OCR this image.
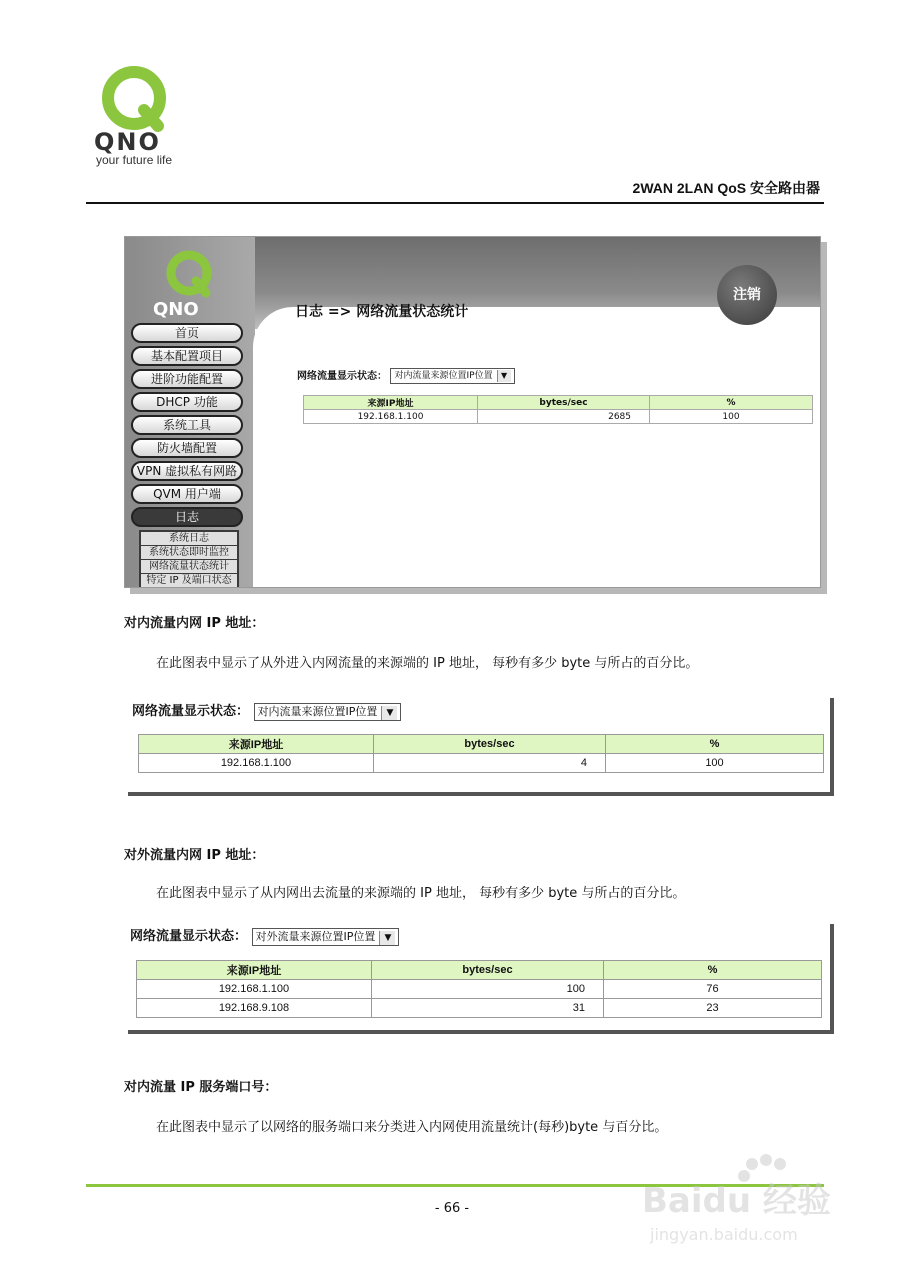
QNO
your future life
2WAN 2LAN QoS 安全路由器
QNO
注销
日志 => 网络流量状态统计
首页
基本配置项目
进阶功能配置
DHCP 功能
系统工具
防火墙配置
VPN 虚拟私有网路
QVM 用户端
日志
系统日志
系统状态即时监控
网络流量状态统计
特定 IP 及端口状态
网络流量显示状态： 对内流量来源位置IP位置 ▼
来源IP地址	bytes/sec	%
192.168.1.100	2685	100
对内流量内网 IP 地址：
在此图表中显示了从外进入内网流量的来源端的 IP 地址， 每秒有多少 byte 与所占的百分比。
网络流量显示状态： 对内流量来源位置IP位置 ▼
来源IP地址	bytes/sec	%
192.168.1.100	4	100
对外流量内网 IP 地址：
在此图表中显示了从内网出去流量的来源端的 IP 地址， 每秒有多少 byte 与所占的百分比。
网络流量显示状态： 对外流量来源位置IP位置 ▼
来源IP地址	bytes/sec	%
192.168.1.100	100	76
192.168.9.108	31	23
对内流量 IP 服务端口号：
在此图表中显示了以网络的服务端口来分类进入内网使用流量统计(每秒)byte 与百分比。
- 66 -	Baidu 经验
jingyan.baidu.com
